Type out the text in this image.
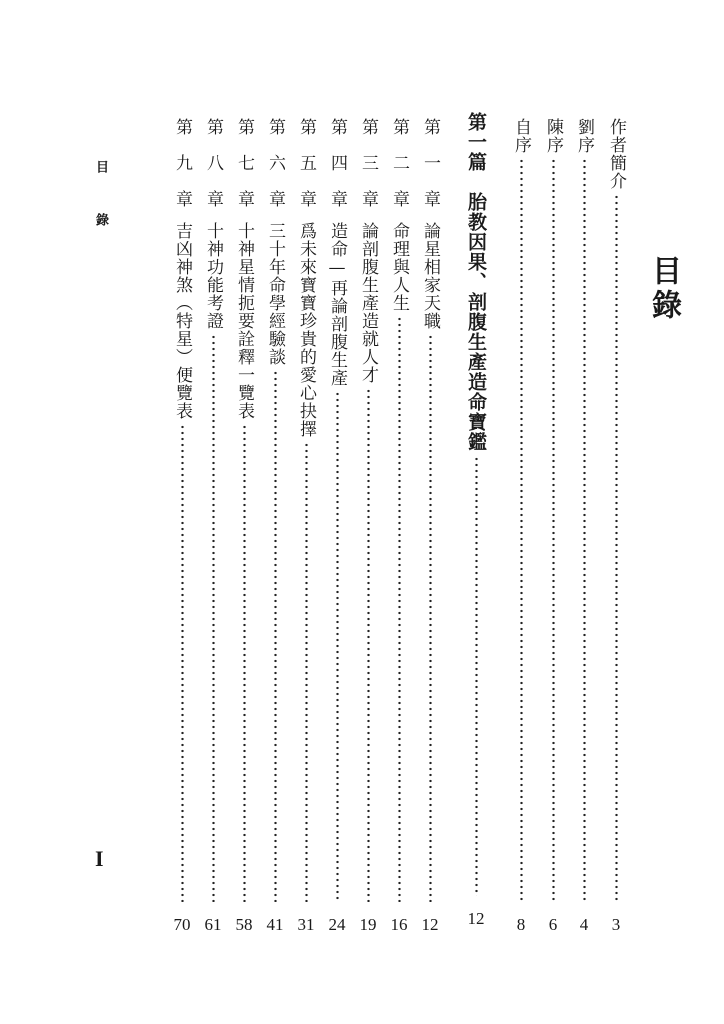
目錄
目錄
I
作者簡介
3
劉序
4
陳序
6
自序
8
第一篇　胎教因果、剖腹生產造命寶鑑
12
第　一　章
論星相家天職
12
第　二　章
命理與人生
16
第　三　章
論剖腹生產造就人才
19
第　四　章
造命—再論剖腹生產
24
第　五　章
爲未來寶寶珍貴的愛心抉擇
31
第　六　章
三十年命學經驗談
41
第　七　章
十神星情扼要詮釋一覽表
58
第　八　章
十神功能考證
61
第　九　章
吉凶神煞（特星）便覽表
70
